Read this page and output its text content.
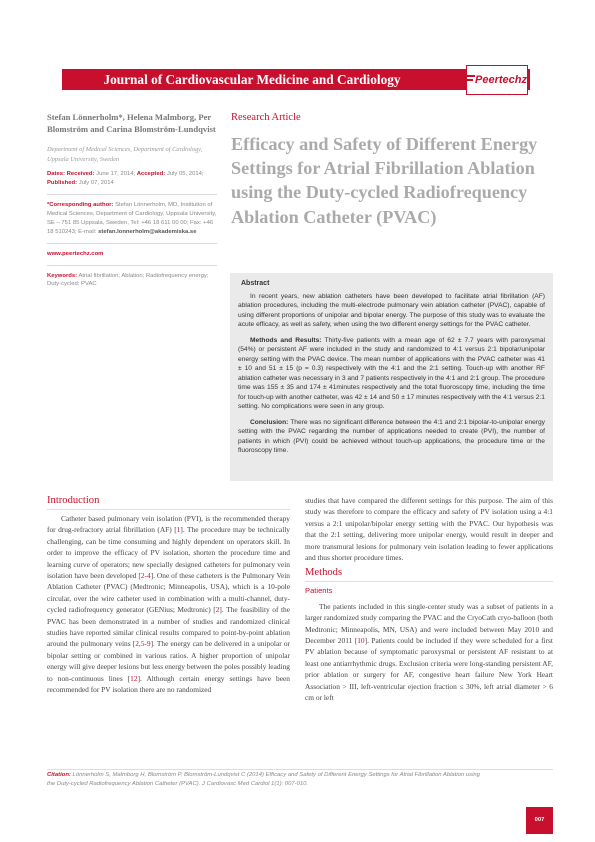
Journal of Cardiovascular Medicine and Cardiology	Peertechz
Stefan Lönnerholm*, Helena Malmborg, Per Blomström and Carina Blomström-Lundqvist
Department of Medical Sciences, Department of Cardiology, Uppsala University, Sweden
Dates: Received: June 17, 2014; Accepted: July 05, 2014; Published: July 07, 2014
*Corresponding author: Stefan Lönnerholm, MD, Institution of Medical Sciences, Department of Cardiology, Uppsala University, SE – 751 85 Uppsala, Sweden, Tel: +46 18 611 00 00; Fax: +46 18 510243; E-mail: stefan.lonnerholm@akademiska.se
www.peertechz.com
Keywords: Atrial fibrillation; Ablation; Radiofrequency energy; Duty-cycled; PVAC
Research Article
Efficacy and Safety of Different Energy Settings for Atrial Fibrillation Ablation using the Duty-cycled Radiofrequency Ablation Catheter (PVAC)
Abstract

In recent years, new ablation catheters have been developed to facilitate atrial fibrillation (AF) ablation procedures, including the multi-electrode pulmonary vein ablation catheter (PVAC), capable of using different proportions of unipolar and bipolar energy. The purpose of this study was to evaluate the acute efficacy, as well as safety, when using the two different energy settings for the PVAC catheter.

Methods and Results: Thirty-five patients with a mean age of 62 ± 7.7 years with paroxysmal (54%) or persistent AF were included in the study and randomized to 4:1 versus 2:1 bipolar/unipolar energy setting with the PVAC device. The mean number of applications with the PVAC catheter was 41 ± 10 and 51 ± 15 (p = 0.3) respectively with the 4:1 and the 2:1 setting. Touch-up with another RF ablation catheter was necessary in 3 and 7 patients respectively in the 4:1 and 2:1 group. The procedure time was 155 ± 35 and 174 ± 41minutes respectively and the total fluoroscopy time, including the time for touch-up with another catheter, was 42 ± 14 and 50 ± 17 minutes respectively with the 4:1 versus 2:1 setting. No complications were seen in any group.

Conclusion: There was no significant difference between the 4:1 and 2:1 bipolar-to-unipolar energy setting with the PVAC regarding the number of applications needed to create (PVI), the number of patients in which (PVI) could be achieved without touch-up applications, the procedure time or the fluoroscopy time.

Introduction

Catheter based pulmonary vein isolation (PVI), is the recommended therapy for drug-refractory atrial fibrillation (AF) [1]. The procedure may be technically challenging, can be time consuming and highly dependent on operators skill. In order to improve the efficacy of PV isolation, shorten the procedure time and learning curve of operators; new specially designed catheters for pulmonary vein isolation have been developed [2-4]. One of these catheters is the Pulmonary Vein Ablation Catheter (PVAC) (Medtronic; Minneapolis, USA), which is a 10-pole circular, over the wire catheter used in combination with a multi-channel, duty-cycled radiofrequency generator (GENius; Medtronic) [2]. The feasibility of the PVAC has been demonstrated in a number of studies and randomized clinical studies have reported similar clinical results compared to point-by-point ablation around the pulmonary veins [2,5-9]. The energy can be delivered in a unipolar or bipolar setting or combined in various ratios. A higher proportion of unipolar energy will give deeper lesions but less energy between the poles possibly leading to non-continuous lines [12]. Although certain energy settings have been recommended for PV isolation there are no randomized

studies that have compared the different settings for this purpose. The aim of this study was therefore to compare the efficacy and safety of PV isolation using a 4:1 versus a 2:1 unipolar/bipolar energy setting with the PVAC. Our hypothesis was that the 2:1 setting, delivering more unipolar energy, would result in deeper and more transmural lesions for pulmonary vein isolation leading to fewer applications and thus shorter procedure times.

Methods
Patients

The patients included in this single-center study was a subset of patients in a larger randomized study comparing the PVAC and the CryoCath cryo-balloon (both Medtronic; Minneapolis, MN, USA) and were included between May 2010 and December 2011 [10]. Patients could be included if they were scheduled for a first PV ablation because of symptomatic paroxysmal or persistent AF resistant to at least one antiarrhythmic drugs. Exclusion criteria were long-standing persistent AF, prior ablation or surgery for AF, congestive heart failure New York Heart Association > III, left-ventricular ejection fraction ≤ 30%, left atrial diameter > 6 cm or left

Citation: Lönnerholm S, Malmborg H, Blomström P, Blomström-Lundqvist C (2014) Efficacy and Safety of Different Energy Settings for Atrial Fibrillation Ablation using the Duty-cycled Radiofrequency Ablation Catheter (PVAC). J Cardiovasc Med Cardiol 1(1): 007-010.
007
